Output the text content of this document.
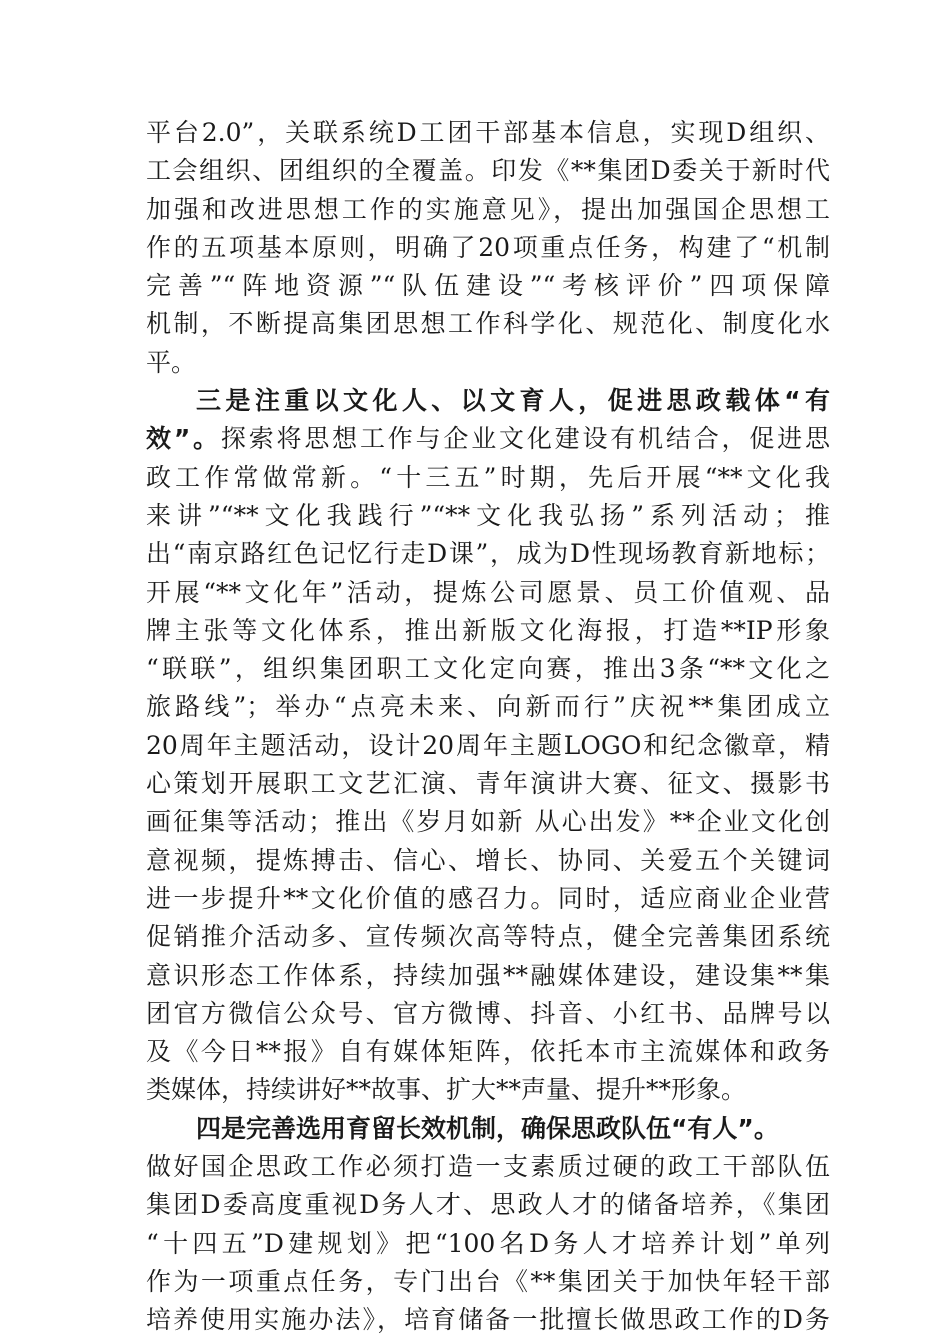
平台2.0”，关联系统D工团干部基本信息，实现D组织、
工会组织、团组织的全覆盖。印发《**集团D委关于新时代
加强和改进思想工作的实施意见》，提出加强国企思想工
作的五项基本原则，明确了20项重点任务，构建了“机制
完善”“阵地资源”“队伍建设”“考核评价”四项保障
机制，不断提高集团思想工作科学化、规范化、制度化水
平。
三是注重以文化人、以文育人，促进思政载体“有
效”。探索将思想工作与企业文化建设有机结合，促进思
政工作常做常新。“十三五”时期，先后开展“**文化我
来讲”“**文化我践行”“**文化我弘扬”系列活动；推
出“南京路红色记忆行走D课”，成为D性现场教育新地标；
开展“**文化年”活动，提炼公司愿景、员工价值观、品
牌主张等文化体系，推出新版文化海报，打造**IP形象
“联联”，组织集团职工文化定向赛，推出3条“**文化之
旅路线”；举办“点亮未来、向新而行”庆祝**集团成立
20周年主题活动，设计20周年主题LOGO和纪念徽章，精
心策划开展职工文艺汇演、青年演讲大赛、征文、摄影书
画征集等活动；推出《岁月如新 从心出发》**企业文化创
意视频，提炼搏击、信心、增长、协同、关爱五个关键词
进一步提升**文化价值的感召力。同时，适应商业企业营
促销推介活动多、宣传频次高等特点，健全完善集团系统
意识形态工作体系，持续加强**融媒体建设，建设集**集
团官方微信公众号、官方微博、抖音、小红书、品牌号以
及《今日**报》自有媒体矩阵，依托本市主流媒体和政务
类媒体，持续讲好**故事、扩大**声量、提升**形象。
四是完善选用育留长效机制，确保思政队伍“有人”。
做好国企思政工作必须打造一支素质过硬的政工干部队伍
集团D委高度重视D务人才、思政人才的储备培养，《集团
“十四五”D建规划》把“100名D务人才培养计划”单列
作为一项重点任务，专门出台《**集团关于加快年轻干部
培养使用实施办法》，培育储备一批擅长做思政工作的D务
